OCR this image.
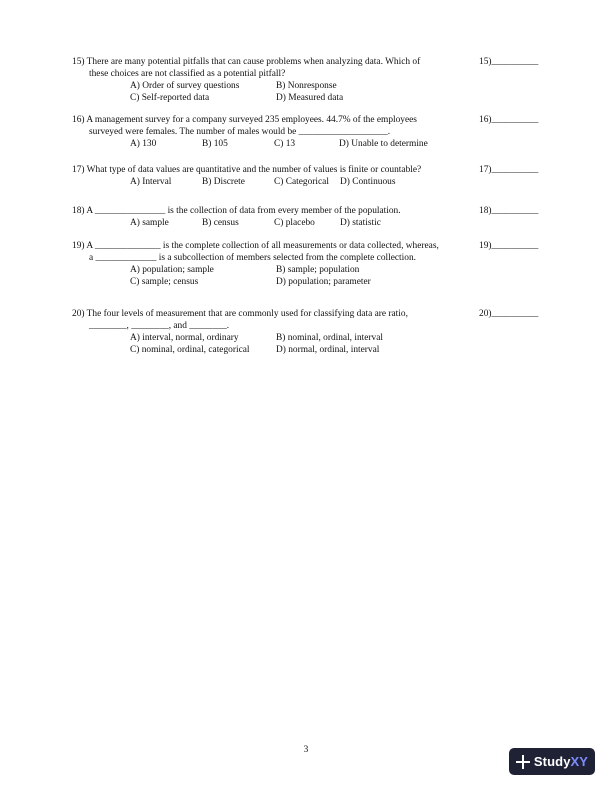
15) There are many potential pitfalls that can cause problems when analyzing data. Which of
these choices are not classified as a potential pitfall?
A) Order of survey questions	B) Nonresponse
C) Self-reported data	D) Measured data
15)__________
16) A management survey for a company surveyed 235 employees. 44.7% of the employees
surveyed were females. The number of males would be ___________________.
A) 130	B) 105	C) 13	D) Unable to determine
16)__________
17) What type of data values are quantitative and the number of values is finite or countable?
A) Interval	B) Discrete	C) Categorical D) Continuous
17)__________
18) A _______________ is the collection of data from every member of the population.
A) sample	B) census	C) placebo	D) statistic
18)__________
19) A ______________ is the complete collection of all measurements or data collected, whereas,
a _____________ is a subcollection of members selected from the complete collection.
A) population; sample	B) sample; population
C) sample; census	D) population; parameter
19)__________
20) The four levels of measurement that are commonly used for classifying data are ratio,
________, ________, and ________.
A) interval, normal, ordinary	B) nominal, ordinal, interval
C) nominal, ordinal, categorical	D) normal, ordinal, interval
20)__________
3
StudyXY
